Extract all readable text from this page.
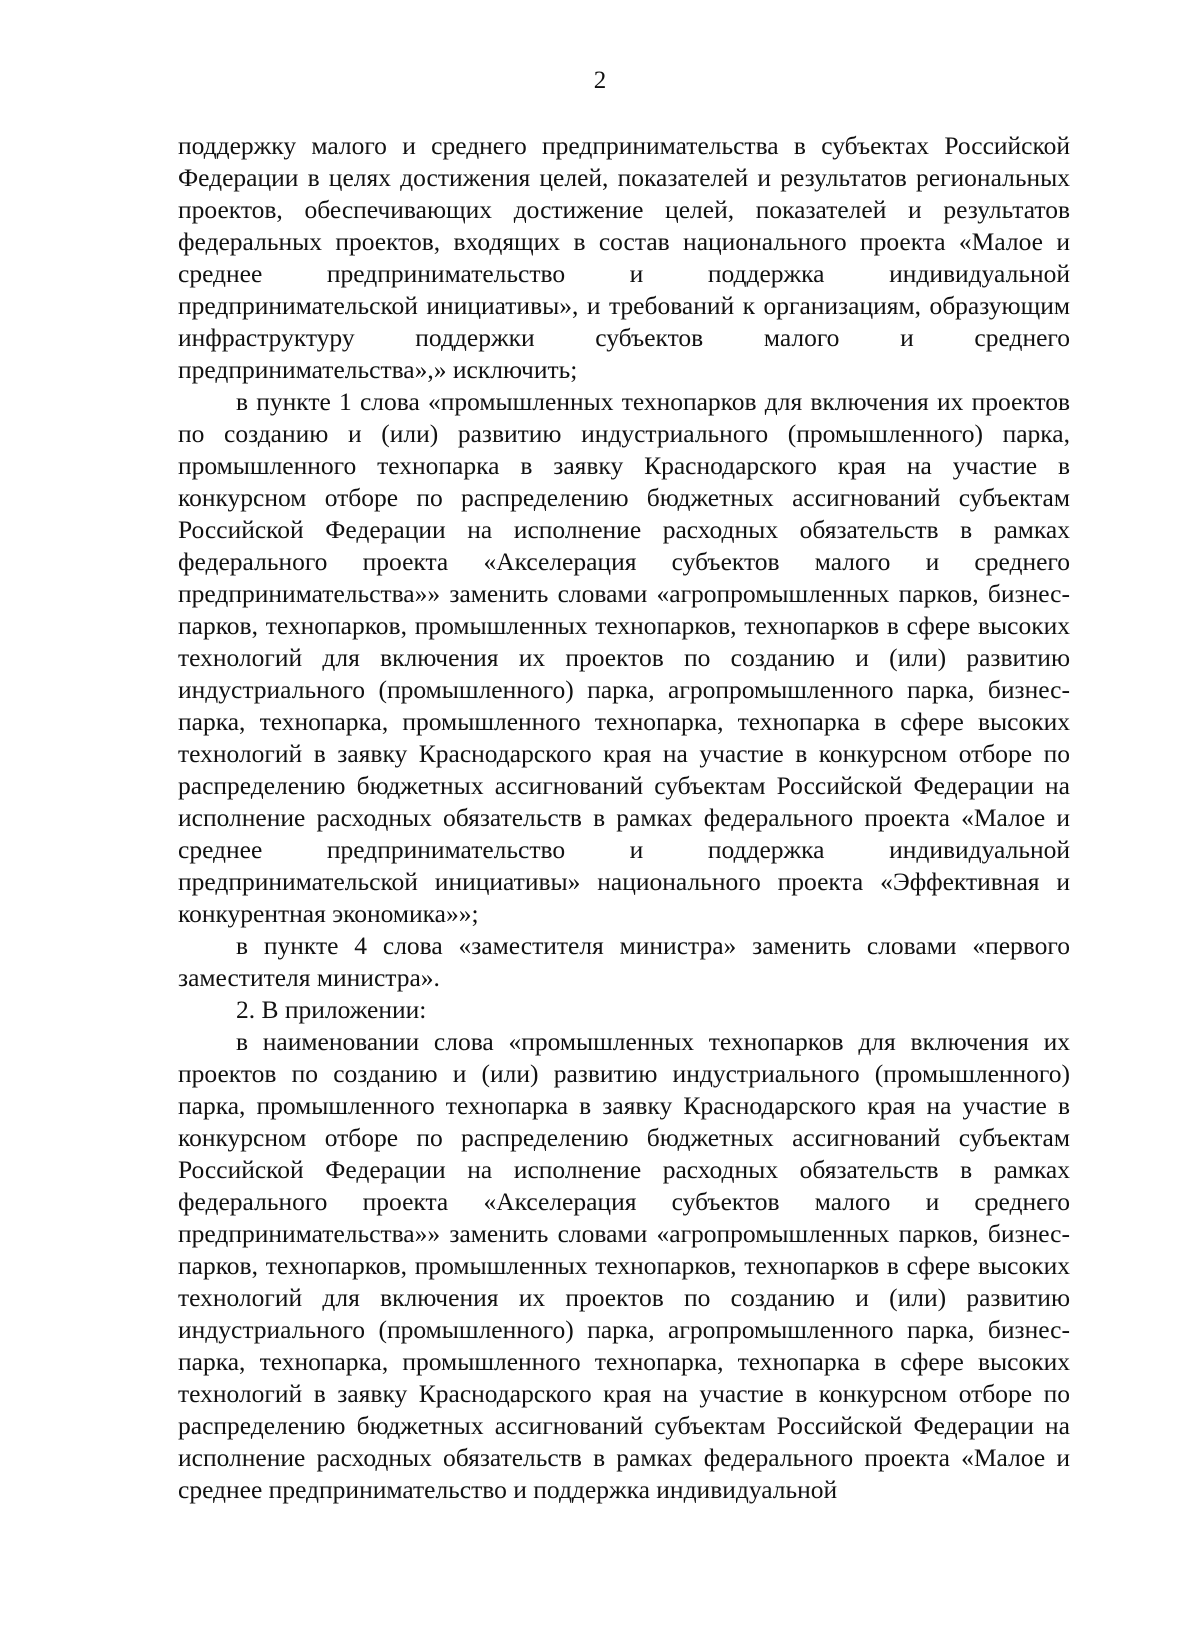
2

поддержку малого и среднего предпринимательства в субъектах Российской Федерации в целях достижения целей, показателей и результатов региональных проектов, обеспечивающих достижение целей, показателей и результатов федеральных проектов, входящих в состав национального проекта «Малое и среднее предпринимательство и поддержка индивидуальной предпринимательской инициативы», и требований к организациям, образующим инфраструктуру поддержки субъектов малого и среднего предпринимательства»,» исключить;

в пункте 1 слова «промышленных технопарков для включения их проектов по созданию и (или) развитию индустриального (промышленного) парка, промышленного технопарка в заявку Краснодарского края на участие в конкурсном отборе по распределению бюджетных ассигнований субъектам Российской Федерации на исполнение расходных обязательств в рамках федерального проекта «Акселерация субъектов малого и среднего предпринимательства»» заменить словами «агропромышленных парков, бизнес-парков, технопарков, промышленных технопарков, технопарков в сфере высоких технологий для включения их проектов по созданию и (или) развитию индустриального (промышленного) парка, агропромышленного парка, бизнес-парка, технопарка, промышленного технопарка, технопарка в сфере высоких технологий в заявку Краснодарского края на участие в конкурсном отборе по распределению бюджетных ассигнований субъектам Российской Федерации на исполнение расходных обязательств в рамках федерального проекта «Малое и среднее предпринимательство и поддержка индивидуальной предпринимательской инициативы» национального проекта «Эффективная и конкурентная экономика»»;

в пункте 4 слова «заместителя министра» заменить словами «первого заместителя министра».

2. В приложении:

в наименовании слова «промышленных технопарков для включения их проектов по созданию и (или) развитию индустриального (промышленного) парка, промышленного технопарка в заявку Краснодарского края на участие в конкурсном отборе по распределению бюджетных ассигнований субъектам Российской Федерации на исполнение расходных обязательств в рамках федерального проекта «Акселерация субъектов малого и среднего предпринимательства»» заменить словами «агропромышленных парков, бизнес-парков, технопарков, промышленных технопарков, технопарков в сфере высоких технологий для включения их проектов по созданию и (или) развитию индустриального (промышленного) парка, агропромышленного парка, бизнес-парка, технопарка, промышленного технопарка, технопарка в сфере высоких технологий в заявку Краснодарского края на участие в конкурсном отборе по распределению бюджетных ассигнований субъектам Российской Федерации на исполнение расходных обязательств в рамках федерального проекта «Малое и среднее предпринимательство и поддержка индивидуальной
